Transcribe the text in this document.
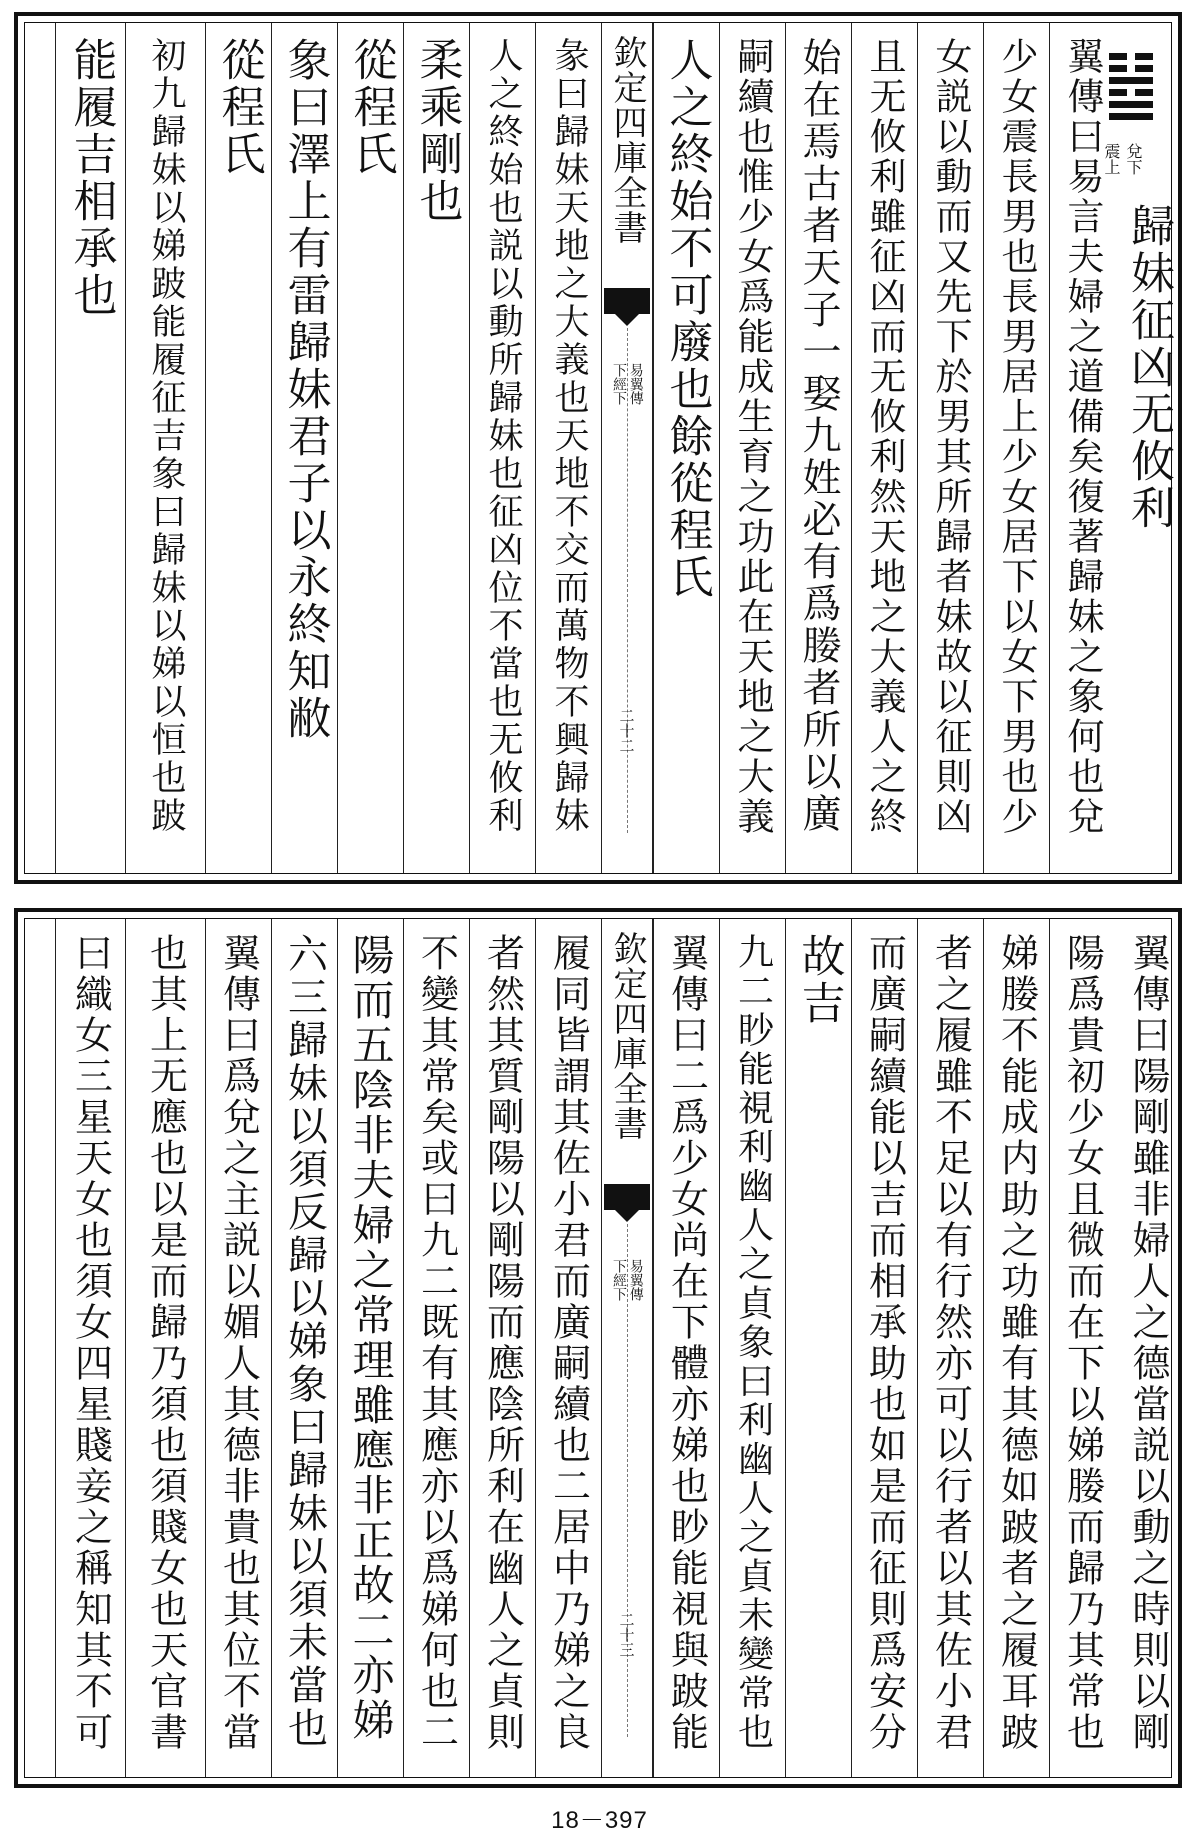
兌下
震上
歸妹征凶无攸利
翼傳曰易言夫婦之道備矣復著歸妹之象何也兌
少女震長男也長男居上少女居下以女下男也少
女説以動而又先下於男其所歸者妹故以征則凶
且无攸利雖征凶而无攸利然天地之大義人之終
始在焉古者天子一娶九姓必有爲媵者所以廣
嗣續也惟少女爲能成生育之功此在天地之大義
人之終始不可廢也餘從程氏
欽定四庫全書
易翼傳
下經下
二十二
彖曰歸妹天地之大義也天地不交而萬物不興歸妹
人之終始也説以動所歸妹也征凶位不當也无攸利
柔乘剛也
從程氏
象曰澤上有雷歸妹君子以永終知敝
從程氏
初九歸妹以娣跛能履征吉象曰歸妹以娣以恒也跛
能履吉相承也
翼傳曰陽剛雖非婦人之德當説以動之時則以剛
陽爲貴初少女且微而在下以娣媵而歸乃其常也
娣媵不能成内助之功雖有其德如跛者之履耳跛
者之履雖不足以有行然亦可以行者以其佐小君
而廣嗣續能以吉而相承助也如是而征則爲安分
故吉
九二眇能視利幽人之貞象曰利幽人之貞未變常也
翼傳曰二爲少女尚在下體亦娣也眇能視與跛能
欽定四庫全書
易翼傳
下經下
二十三
履同皆謂其佐小君而廣嗣續也二居中乃娣之良
者然其質剛陽以剛陽而應陰所利在幽人之貞則
不變其常矣或曰九二既有其應亦以爲娣何也二
陽而五陰非夫婦之常理雖應非正故二亦娣
六三歸妹以須反歸以娣象曰歸妹以須未當也
翼傳曰爲兌之主説以媚人其德非貴也其位不當
也其上无應也以是而歸乃須也須賤女也天官書
曰織女三星天女也須女四星賤妾之稱知其不可
18－397
